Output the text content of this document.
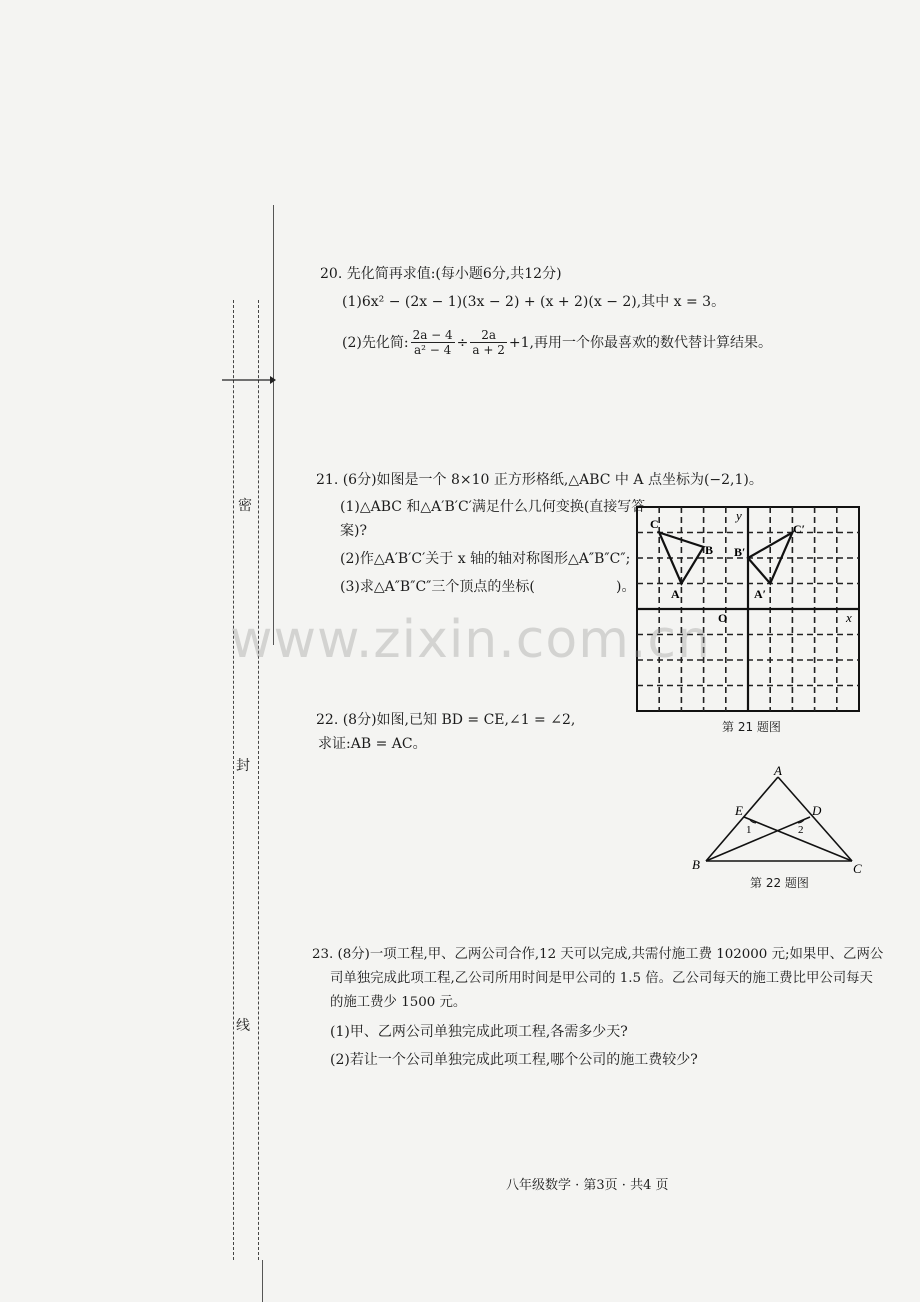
密
封
线
20. 先化简再求值:(每小题6分,共12分)
(1)6x² − (2x − 1)(3x − 2) + (x + 2)(x − 2),其中 x = 3。
(2)先化简: $\frac{2a - 4}{\text{a² − 4}} \div \frac{2a}{a + 2} +1$,再用一个你最喜欢的数代替计算结果。
21. (6分)如图是一个 8×10 正方形格纸,△ABC 中 A 点坐标为(−2,1)。
(1)△ABC 和△A′B′C′满足什么几何变换(直接写答
案)?
(2)作△A′B′C′关于 x 轴的轴对称图形△A″B″C″;
(3)求△A″B″C″三个顶点的坐标(	)。
C
B
A
B′
C′
A′
O	x
y
第 21 题图
www.zixin.com.cn
22. (8分)如图,已知 BD = CE,∠1 = ∠2,
求证:AB = AC。
A
B	C
D
E
1	2
第 22 题图
23. (8分)一项工程,甲、乙两公司合作,12 天可以完成,共需付施工费 102000 元;如果甲、乙两公
司单独完成此项工程,乙公司所用时间是甲公司的 1.5 倍。乙公司每天的施工费比甲公司每天
的施工费少 1500 元。
(1)甲、乙两公司单独完成此项工程,各需多少天?
(2)若让一个公司单独完成此项工程,哪个公司的施工费较少?
八年级数学 · 第3页 · 共4 页
